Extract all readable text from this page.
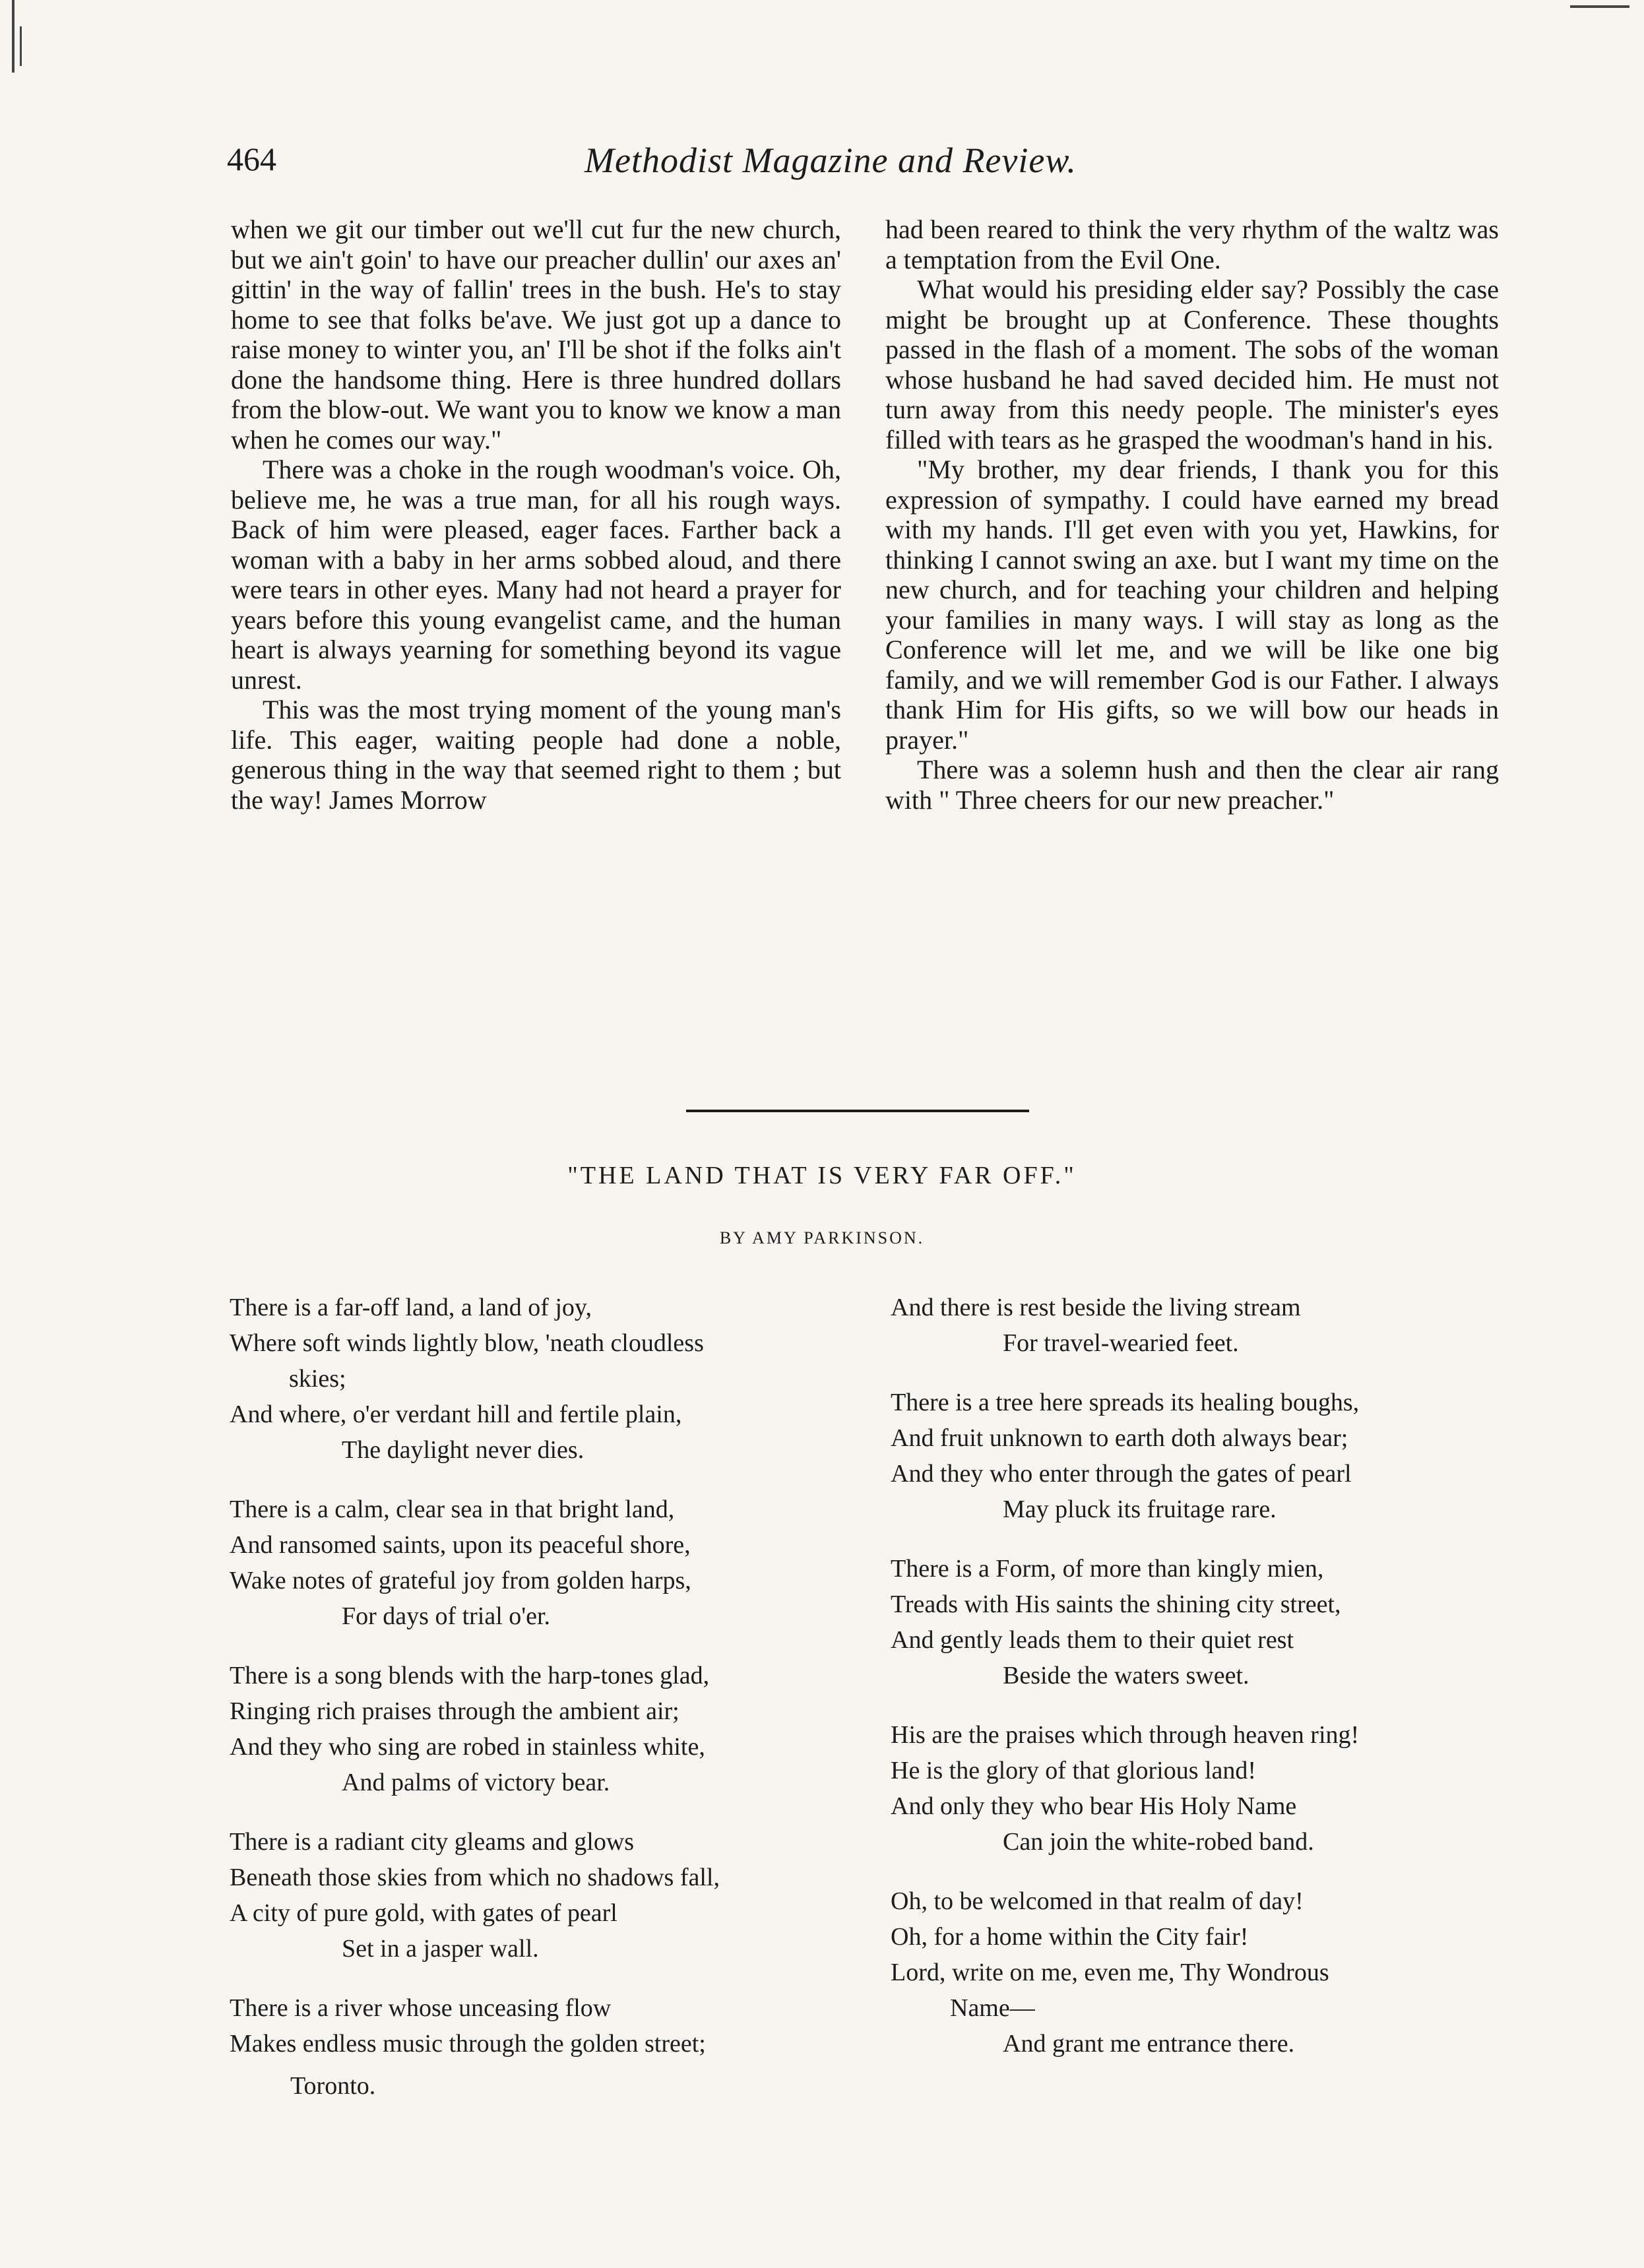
464	Methodist Magazine and Review.

when we git our timber out we'll cut fur the new church, but we ain't goin' to have our preacher dullin' our axes an' gittin' in the way of fallin' trees in the bush. He's to stay home to see that folks be'ave. We just got up a dance to raise money to winter you, an' I'll be shot if the folks ain't done the handsome thing. Here is three hundred dollars from the blow-out. We want you to know we know a man when he comes our way."

There was a choke in the rough woodman's voice. Oh, believe me, he was a true man, for all his rough ways. Back of him were pleased, eager faces. Farther back a woman with a baby in her arms sobbed aloud, and there were tears in other eyes. Many had not heard a prayer for years before this young evangelist came, and the human heart is always yearning for something beyond its vague unrest.

This was the most trying moment of the young man's life. This eager, waiting people had done a noble, generous thing in the way that seemed right to them ; but the way! James Morrow

had been reared to think the very rhythm of the waltz was a temptation from the Evil One.

What would his presiding elder say? Possibly the case might be brought up at Conference. These thoughts passed in the flash of a moment. The sobs of the woman whose husband he had saved decided him. He must not turn away from this needy people. The minister's eyes filled with tears as he grasped the woodman's hand in his.

"My brother, my dear friends, I thank you for this expression of sympathy. I could have earned my bread with my hands. I'll get even with you yet, Hawkins, for thinking I cannot swing an axe. but I want my time on the new church, and for teaching your children and helping your families in many ways. I will stay as long as the Conference will let me, and we will be like one big family, and we will remember God is our Father. I always thank Him for His gifts, so we will bow our heads in prayer."

There was a solemn hush and then the clear air rang with " Three cheers for our new preacher."

"THE LAND THAT IS VERY FAR OFF."
BY AMY PARKINSON.
There is a far-off land, a land of joy,
Where soft winds lightly blow, 'neath cloudless
skies;
And where, o'er verdant hill and fertile plain,
The daylight never dies.
There is a calm, clear sea in that bright land,
And ransomed saints, upon its peaceful shore,
Wake notes of grateful joy from golden harps,
For days of trial o'er.
There is a song blends with the harp-tones glad,
Ringing rich praises through the ambient air;
And they who sing are robed in stainless white,
And palms of victory bear.
There is a radiant city gleams and glows
Beneath those skies from which no shadows fall,
A city of pure gold, with gates of pearl
Set in a jasper wall.
There is a river whose unceasing flow
Makes endless music through the golden street;
And there is rest beside the living stream
For travel-wearied feet.
There is a tree here spreads its healing boughs,
And fruit unknown to earth doth always bear;
And they who enter through the gates of pearl
May pluck its fruitage rare.
There is a Form, of more than kingly mien,
Treads with His saints the shining city street,
And gently leads them to their quiet rest
Beside the waters sweet.
His are the praises which through heaven ring!
He is the glory of that glorious land!
And only they who bear His Holy Name
Can join the white-robed band.
Oh, to be welcomed in that realm of day!
Oh, for a home within the City fair!
Lord, write on me, even me, Thy Wondrous
Name—
And grant me entrance there.
Toronto.
